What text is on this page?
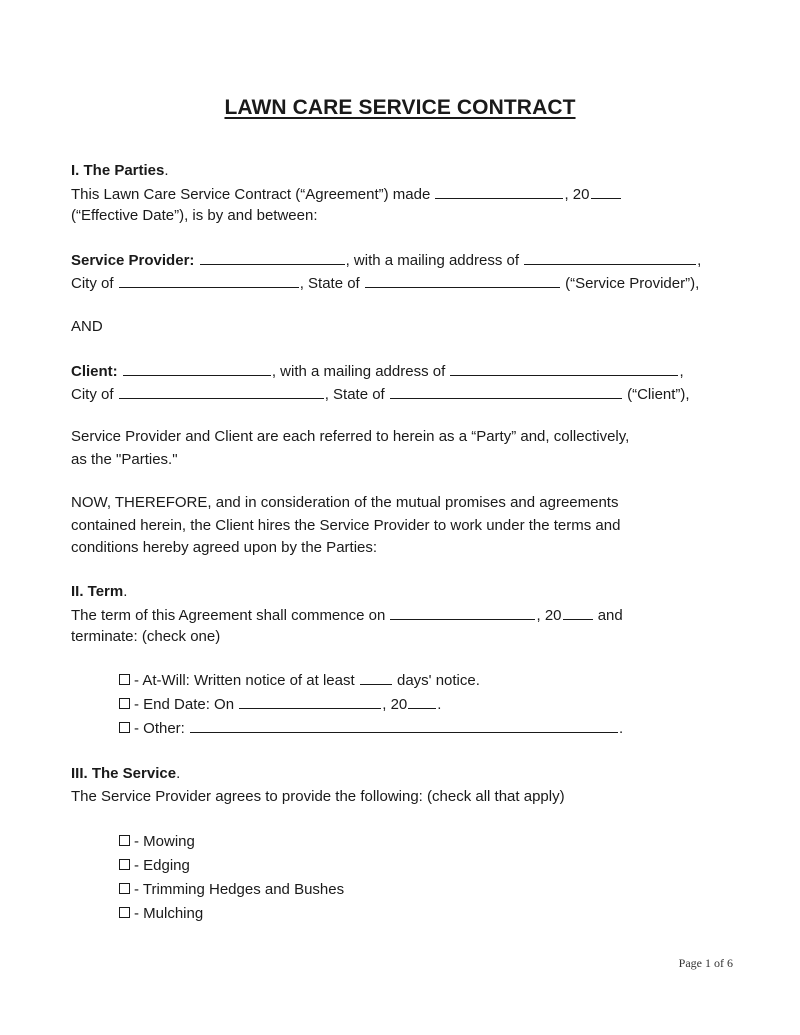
LAWN CARE SERVICE CONTRACT
I. The Parties.
This Lawn Care Service Contract (“Agreement”) made	, 20
(“Effective Date”), is by and between:
Service Provider:	, with a mailing address of	,
City of	, State of	(“Service Provider”),
AND
Client:	, with a mailing address of	,
City of	, State of	(“Client”),
Service Provider and Client are each referred to herein as a “Party” and, collectively,
as the "Parties."
NOW, THEREFORE, and in consideration of the mutual promises and agreements
contained herein, the Client hires the Service Provider to work under the terms and
conditions hereby agreed upon by the Parties:
II. Term.
The term of this Agreement shall commence on	, 20 and
terminate: (check one)
- At-Will: Written notice of at least	days' notice.
- End Date: On	, 20 .
- Other:	.
III. The Service.
The Service Provider agrees to provide the following: (check all that apply)
- Mowing
- Edging
- Trimming Hedges and Bushes
- Mulching
Page 1 of 6
